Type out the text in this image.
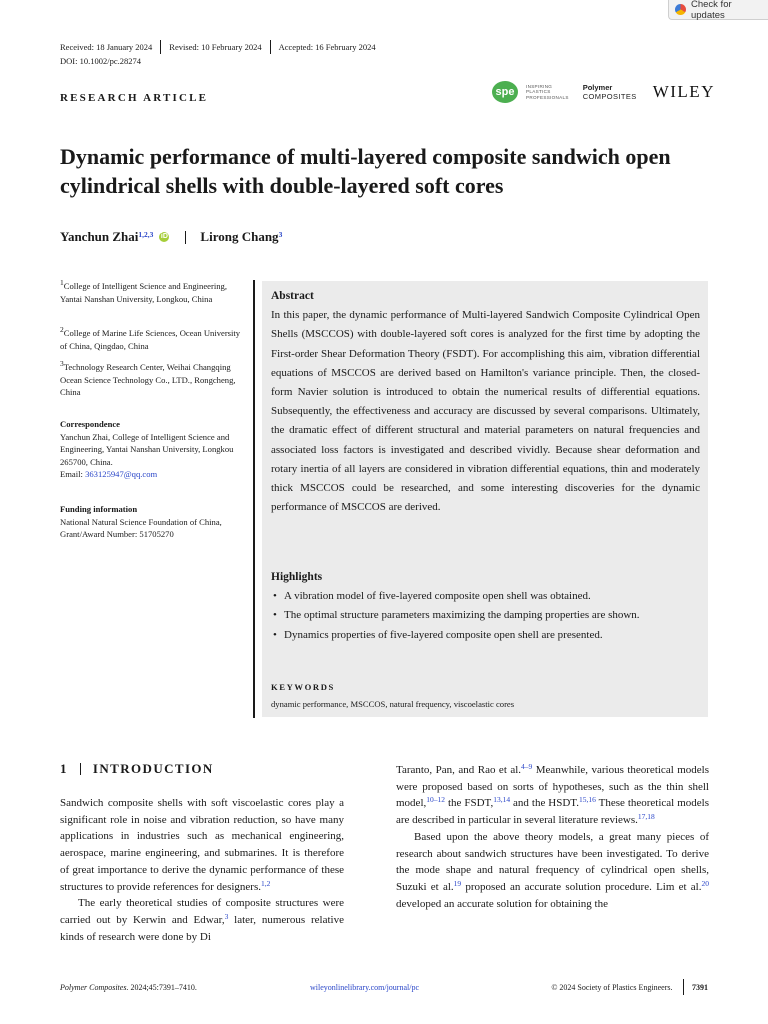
Check for updates
Received: 18 January 2024 Revised: 10 February 2024 Accepted: 16 February 2024
DOI: 10.1002/pc.28274
RESEARCH ARTICLE	spe	INSPIRING
PLASTICS
PROFESSIONALS
Polymer
COMPOSITES WILEY
Dynamic performance of multi-layered composite sandwich open cylindrical shells with double-layered soft cores
Yanchun Zhai$^{1,2,3}$ iD	Lirong Chang$^3$

$^1$College of Intelligent Science and Engineering, Yantai Nanshan University, Longkou, China

$^2$College of Marine Life Sciences, Ocean University of China, Qingdao, China

$^3$Technology Research Center, Weihai Changqing Ocean Science Technology Co., LTD., Rongcheng, China

Correspondence

Yanchun Zhai, College of Intelligent Science and Engineering, Yantai Nanshan University, Longkou 265700, China.
Email: 363125947@qq.com

Funding information

National Natural Science Foundation of China, Grant/Award Number: 51705270

Abstract

In this paper, the dynamic performance of Multi-layered Sandwich Composite Cylindrical Open Shells (MSCCOS) with double-layered soft cores is analyzed for the first time by adopting the First-order Shear Deformation Theory (FSDT). For accomplishing this aim, vibration differential equations of MSCCOS are derived based on Hamilton's variance principle. Then, the closed-form Navier solution is introduced to obtain the numerical results of differential equations. Subsequently, the effectiveness and accuracy are discussed by several comparisons. Ultimately, the dramatic effect of different structural and material parameters on natural frequencies and associated loss factors is investigated and described vividly. Because shear deformation and rotary inertia of all layers are considered in vibration differential equations, thin and moderately thick MSCCOS could be researched, and some interesting discoveries for the dynamic performance of MSCCOS are derived.

Highlights
• A vibration model of five-layered composite open shell was obtained.
• The optimal structure parameters maximizing the damping properties are shown.
• Dynamics properties of five-layered composite open shell are presented.
KEYWORDS
dynamic performance, MSCCOS, natural frequency, viscoelastic cores
1 INTRODUCTION

Sandwich composite shells with soft viscoelastic cores play a significant role in noise and vibration reduction, so have many applications in industries such as mechanical engineering, aerospace, marine engineering, and submarines. It is therefore of great importance to derive the dynamic performance of these structures to provide references for designers.$^{1,2}$

The early theoretical studies of composite structures were carried out by Kerwin and Edwar,$^3$ later, numerous relative kinds of research were done by Di

Taranto, Pan, and Rao et al.$^{4-9}$ Meanwhile, various theoretical models were proposed based on sorts of hypotheses, such as the thin shell model,$^{10-12}$ the FSDT,$^{13,14}$ and the HSDT.$^{15,16}$ These theoretical models are described in particular in several literature reviews.$^{17,18}$

Based upon the above theory models, a great many pieces of research about sandwich structures have been investigated. To derive the mode shape and natural frequency of cylindrical open shells, Suzuki et al.$^{19}$ proposed an accurate solution procedure. Lim et al.$^{20}$ developed an accurate solution for obtaining the

Polymer Composites. 2024;45:7391–7410.	wileyonlinelibrary.com/journal/pc	© 2024 Society of Plastics Engineers. 7391
